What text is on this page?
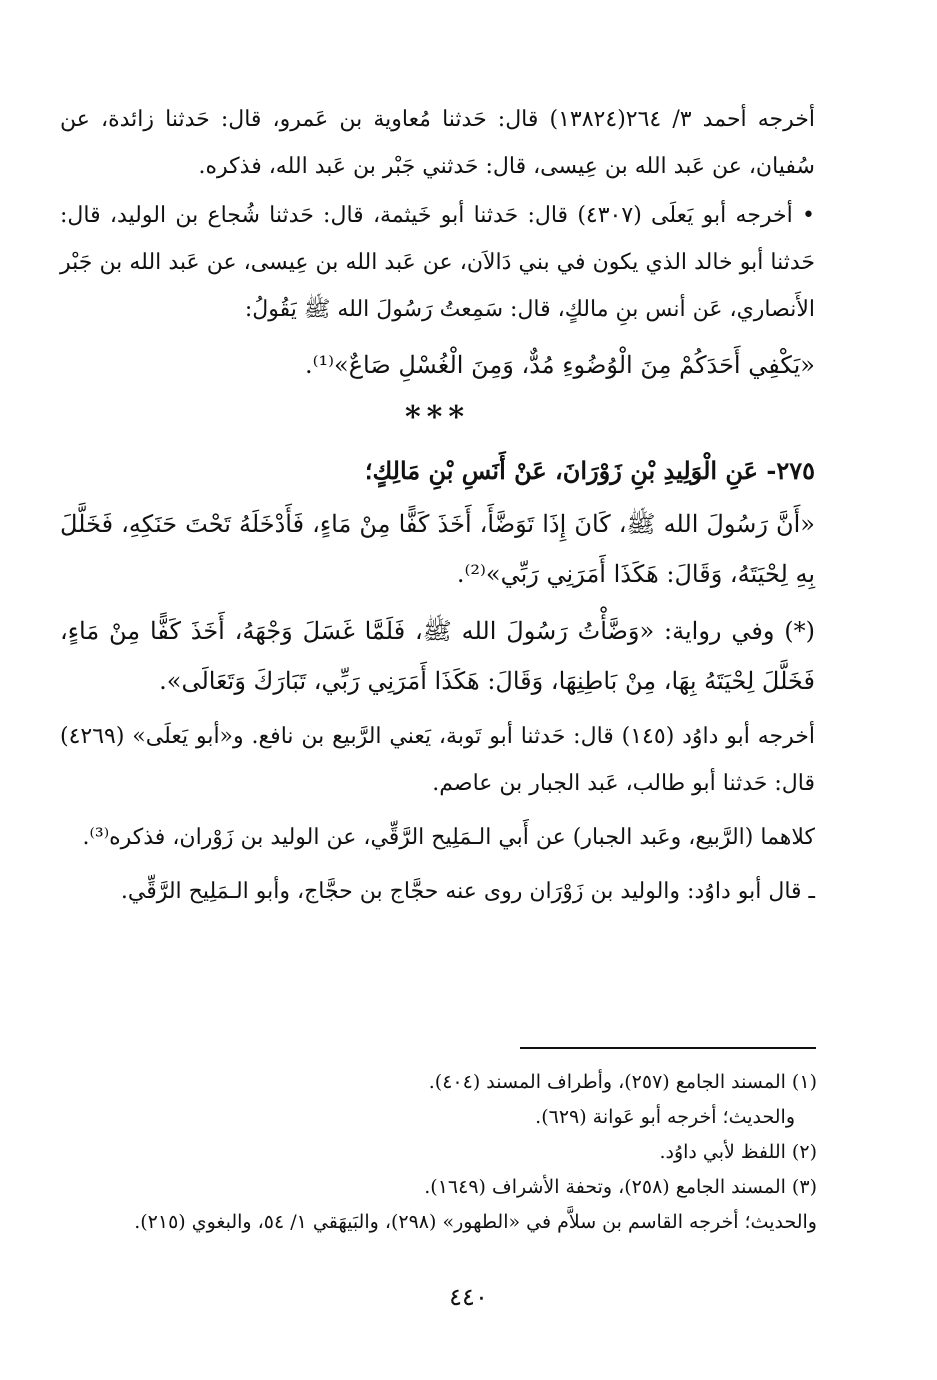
أخرجه أحمد ٣/ ٢٦٤(١٣٨٢٤) قال: حَدثنا مُعاوية بن عَمرو، قال: حَدثنا زائدة، عن سُفيان، عن عَبد الله بن عِيسى، قال: حَدثني جَبْر بن عَبد الله، فذكره.

• أخرجه أبو يَعلَى (٤٣٠٧) قال: حَدثنا أبو خَيثمة، قال: حَدثنا شُجاع بن الوليد، قال: حَدثنا أبو خالد الذي يكون في بني دَالاَن، عن عَبد الله بن عِيسى، عن عَبد الله بن جَبْر الأَنصاري، عَن أنس بنِ مالكٍ، قال: سَمِعتُ رَسُولَ الله ﷺ يَقُولُ:

«يَكْفِي أَحَدَكُمْ مِنَ الْوُضُوءِ مُدٌّ، وَمِنَ الْغُسْلِ صَاعٌ»⁽¹⁾.

***
٢٧٥- عَنِ الْوَلِيدِ بْنِ زَوْرَانَ، عَنْ أَنَسِ بْنِ مَالِكٍ؛

«أَنَّ رَسُولَ الله ﷺ، كَانَ إِذَا تَوَضَّأَ، أَخَذَ كَفًّا مِنْ مَاءٍ، فَأَدْخَلَهُ تَحْتَ حَنَكِهِ، فَخَلَّلَ بِهِ لِحْيَتَهُ، وَقَالَ: هَكَذَا أَمَرَنِي رَبِّي»⁽²⁾.

(*) وفي رواية: «وَضَّأْتُ رَسُولَ الله ﷺ، فَلَمَّا غَسَلَ وَجْهَهُ، أَخَذَ كَفًّا مِنْ مَاءٍ، فَخَلَّلَ لِحْيَتَهُ بِهَا، مِنْ بَاطِنِهَا، وَقَالَ: هَكَذَا أَمَرَنِي رَبِّي، تَبَارَكَ وَتَعَالَى».

أخرجه أبو داوُد (١٤٥) قال: حَدثنا أبو تَوبة، يَعني الرَّبيع بن نافع. و«أبو يَعلَى» (٤٢٦٩) قال: حَدثنا أبو طالب، عَبد الجبار بن عاصم.

كلاهما (الرَّبيع، وعَبد الجبار) عن أَبي الـمَلِيح الرَّقِّي، عن الوليد بن زَوْران، فذكره⁽³⁾.

ـ قال أبو داوُد: والوليد بن زَوْرَان روى عنه حجَّاج بن حجَّاج، وأبو الـمَلِيح الرَّقِّي.

(١) المسند الجامع (٢٥٧)، وأطراف المسند (٤٠٤).

والحديث؛ أخرجه أبو عَوانة (٦٢٩).

(٢) اللفظ لأبي داوُد.

(٣) المسند الجامع (٢٥٨)، وتحفة الأشراف (١٦٤٩).

والحديث؛ أخرجه القاسم بن سلاَّم في «الطهور» (٢٩٨)، والبَيهَقي ١/ ٥٤، والبغوي (٢١٥).

٤٤٠
